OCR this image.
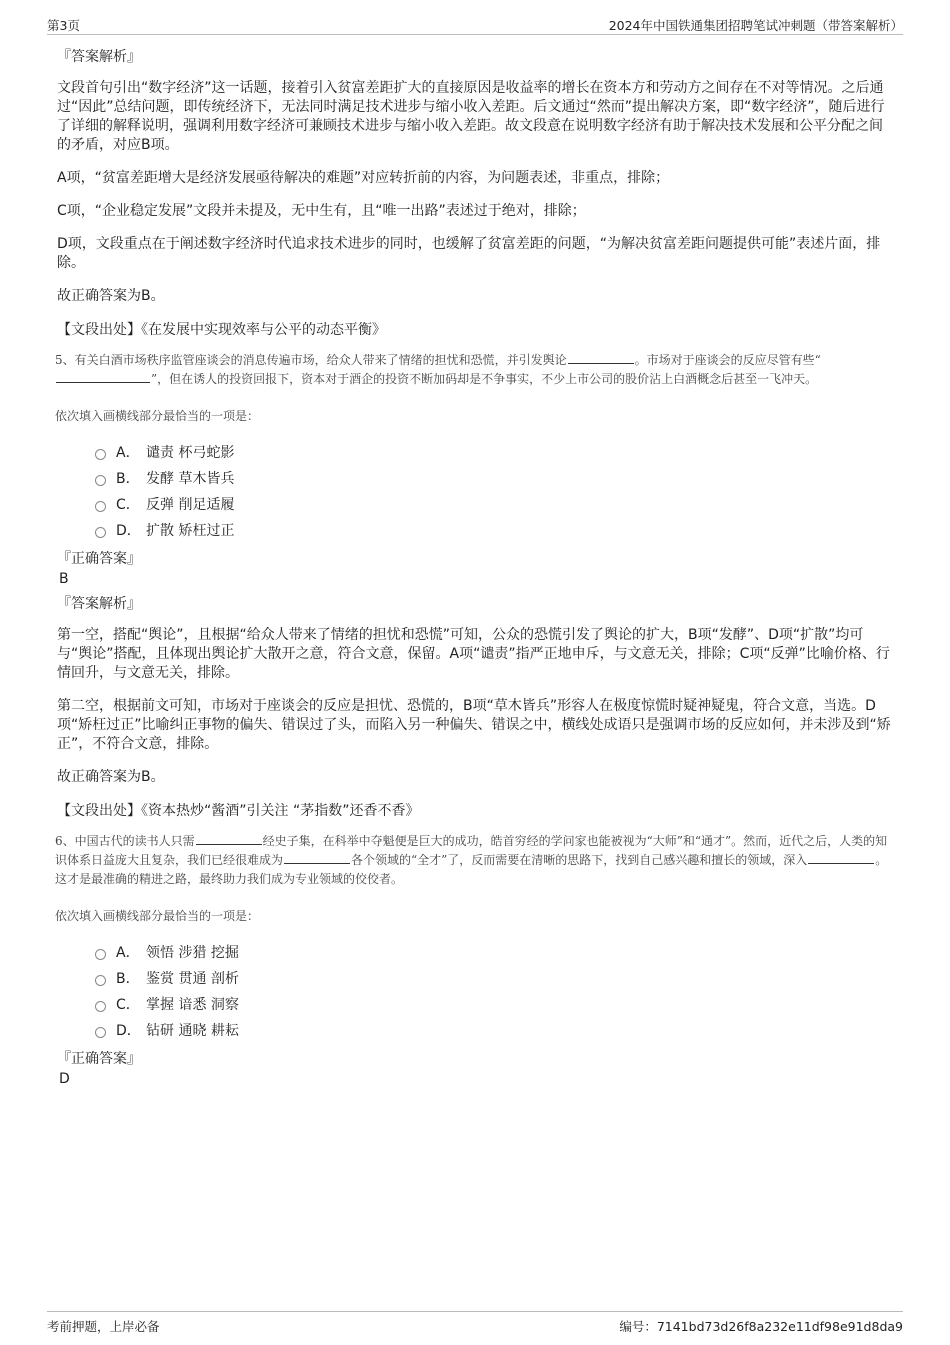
第3页	2024年中国铁通集团招聘笔试冲刺题（带答案解析）
『答案解析』
文段首句引出“数字经济”这一话题，接着引入贫富差距扩大的直接原因是收益率的增长在资本方和劳动方之间存在不对等情况。之后通过“因此”总结问题，即传统经济下，无法同时满足技术进步与缩小收入差距。后文通过“然而”提出解决方案，即“数字经济”，随后进行了详细的解释说明，强调利用数字经济可兼顾技术进步与缩小收入差距。故文段意在说明数字经济有助于解决技术发展和公平分配之间的矛盾，对应B项。
A项，“贫富差距增大是经济发展亟待解决的难题”对应转折前的内容，为问题表述，非重点，排除；
C项，“企业稳定发展”文段并未提及，无中生有，且“唯一出路”表述过于绝对，排除；
D项，文段重点在于阐述数字经济时代追求技术进步的同时，也缓解了贫富差距的问题，“为解决贫富差距问题提供可能”表述片面，排除。
故正确答案为B。
【文段出处】《在发展中实现效率与公平的动态平衡》
5、有关白酒市场秩序监管座谈会的消息传遍市场，给众人带来了情绪的担忧和恐慌，并引发舆论	。市场对于座谈会的反应尽管有些“”，但在诱人的投资回报下，资本对于酒企的投资不断加码却是不争事实，不少上市公司的股价沾上白酒概念后甚至一飞冲天。
依次填入画横线部分最恰当的一项是：
A． 谴责 杯弓蛇影
B． 发酵 草木皆兵
C． 反弹 削足适履
D． 扩散 矫枉过正
『正确答案』
B
『答案解析』
第一空，搭配“舆论”，且根据“给众人带来了情绪的担忧和恐慌”可知，公众的恐慌引发了舆论的扩大，B项“发酵”、D项“扩散”均可与“舆论”搭配，且体现出舆论扩大散开之意，符合文意，保留。A项“谴责”指严正地申斥，与文意无关，排除；C项“反弹”比喻价格、行情回升，与文意无关，排除。
第二空，根据前文可知，市场对于座谈会的反应是担忧、恐慌的，B项“草木皆兵”形容人在极度惊慌时疑神疑鬼，符合文意，当选。D项“矫枉过正”比喻纠正事物的偏失、错误过了头，而陷入另一种偏失、错误之中，横线处成语只是强调市场的反应如何，并未涉及到“矫正”，不符合文意，排除。
故正确答案为B。
【文段出处】《资本热炒“酱酒”引关注 “茅指数”还香不香》
6、中国古代的读书人只需	经史子集，在科举中夺魁便是巨大的成功，皓首穷经的学问家也能被视为“大师”和“通才”。然而，近代之后，人类的知识体系日益庞大且复杂，我们已经很难成为	各个领域的“全才”了，反而需要在清晰的思路下，找到自己感兴趣和擅长的领域，深入	。这才是最准确的精进之路，最终助力我们成为专业领域的佼佼者。
依次填入画横线部分最恰当的一项是：
A． 领悟 涉猎 挖掘
B． 鉴赏 贯通 剖析
C． 掌握 谙悉 洞察
D． 钻研 通晓 耕耘
『正确答案』
D
考前押题，上岸必备	编号：7141bd73d26f8a232e11df98e91d8da9
